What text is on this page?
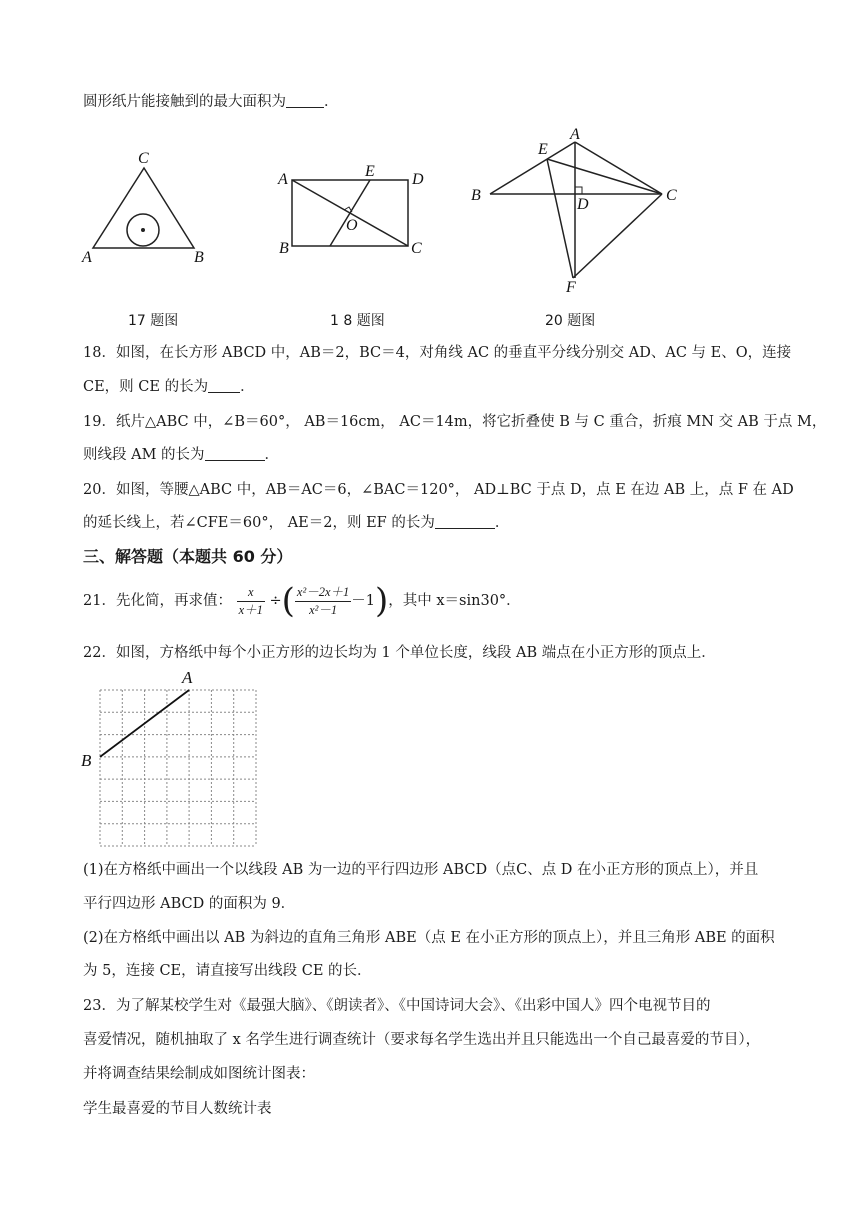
圆形纸片能接触到的最大面积为	．
C
A	B
A	E D
O
B	C
E
A
B
D
C
F
17 题图	1 8 题图	20 题图
18．如图，在长方形 ABCD 中，AB＝2，BC＝4，对角线 AC 的垂直平分线分别交 AD、AC 与 E、O，连接
CE，则 CE 的长为 ．
19．纸片△ABC 中，∠B＝60°， AB＝16cm， AC＝14m，将它折叠使 B 与 C 重合，折痕 MN 交 AB 于点 M，
则线段 AM 的长为	．
20．如图，等腰△ABC 中，AB＝AC＝6，∠BAC＝120°， AD⊥BC 于点 D，点 E 在边 AB 上，点 F 在 AD
的延长线上，若∠CFE＝60°， AE＝2，则 EF 的长为	．
三、解答题（本题共 60 分）
21．先化简，再求值： $\frac{x}{x+1}$ ÷( $\frac{\text{x²－2x＋1}}{\text{x²－1}} -1$)，其中 x＝sin30°．
22．如图，方格纸中每个小正方形的边长均为 1 个单位长度，线段 AB 端点在小正方形的顶点上．
A
B
(1)在方格纸中画出一个以线段 AB 为一边的平行四边形 ABCD（点C、点 D 在小正方形的顶点上），并且
平行四边形 ABCD 的面积为 9．
(2)在方格纸中画出以 AB 为斜边的直角三角形 ABE（点 E 在小正方形的顶点上），并且三角形 ABE 的面积
为 5，连接 CE，请直接写出线段 CE 的长．
23．为了解某校学生对《最强大脑》、《朗读者》、《中国诗词大会》、《出彩中国人》四个电视节目的
喜爱情况，随机抽取了 x 名学生进行调查统计（要求每名学生选出并且只能选出一个自己最喜爱的节目），
并将调查结果绘制成如图统计图表：
学生最喜爱的节目人数统计表
